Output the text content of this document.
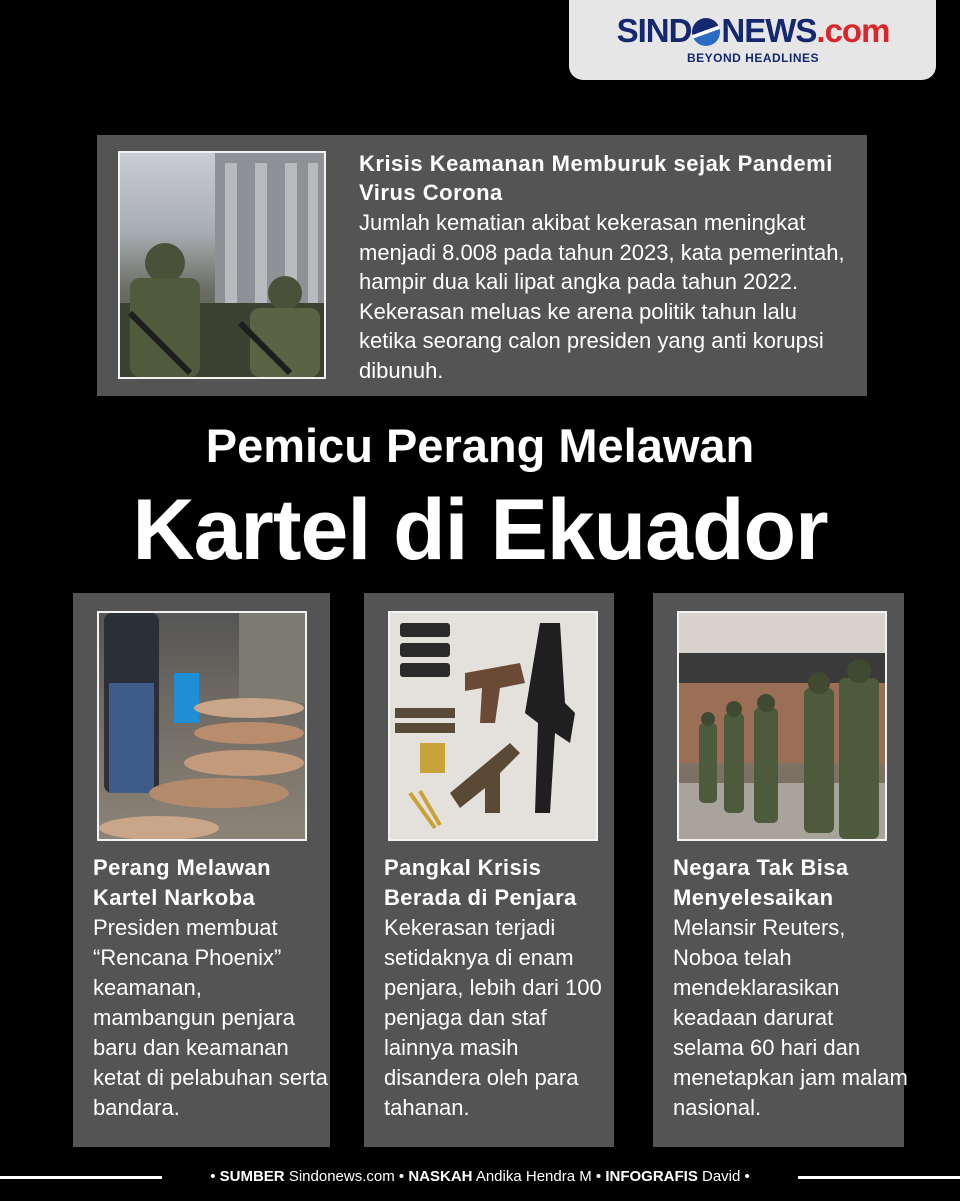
SIND NEWS.com
BEYOND HEADLINES
Krisis Keamanan Memburuk sejak Pandemi Virus Corona
Jumlah kematian akibat kekerasan meningkat menjadi 8.008 pada tahun 2023, kata pemerintah, hampir dua kali lipat angka pada tahun 2022. Kekerasan meluas ke arena politik tahun lalu ketika seorang calon presiden yang anti korupsi dibunuh.
Pemicu Perang Melawan
Kartel di Ekuador
Perang Melawan Kartel Narkoba
Presiden membuat “Rencana Phoenix” keamanan, mambangun penjara baru dan keamanan ketat di pelabuhan serta bandara.
Pangkal Krisis Berada di Penjara
Kekerasan terjadi setidaknya di enam penjara, lebih dari 100 penjaga dan staf lainnya masih disandera oleh para tahanan.
Negara Tak Bisa Menyelesaikan
Melansir Reuters, Noboa telah mendeklarasikan keadaan darurat selama 60 hari dan menetapkan jam malam nasional.
• SUMBER Sindonews.com • NASKAH Andika Hendra M • INFOGRAFIS David •
